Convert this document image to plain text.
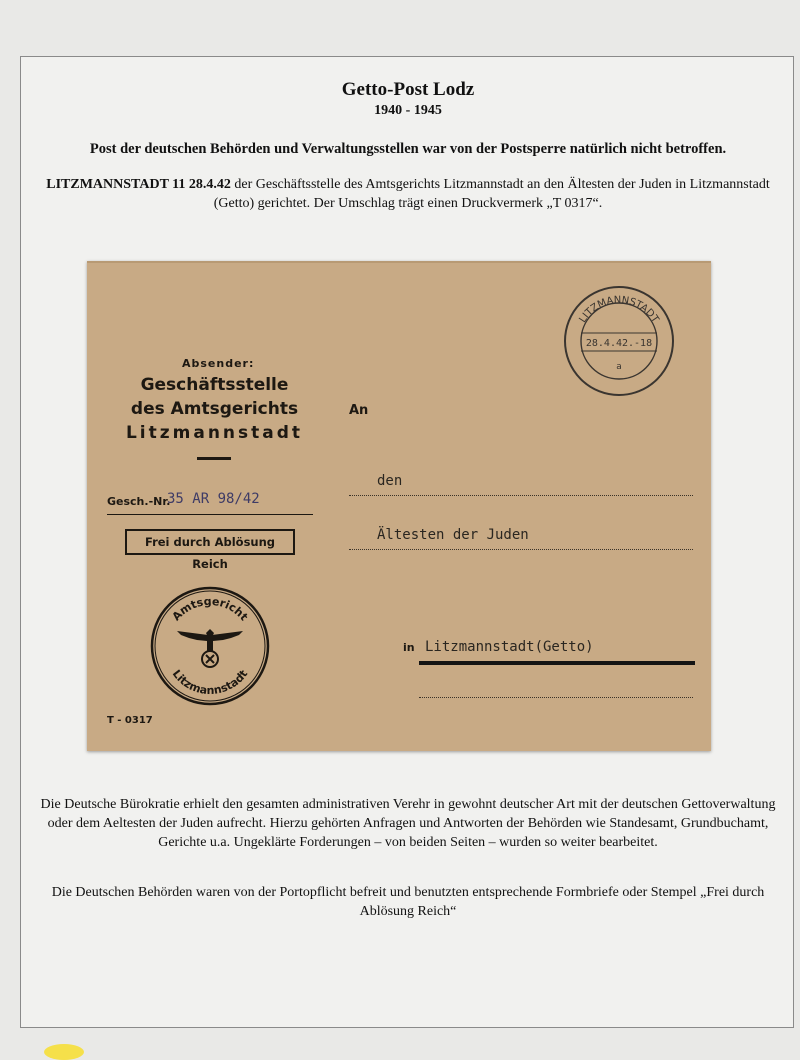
Getto-Post Lodz
1940 - 1945
Post der deutschen Behörden und Verwaltungsstellen war von der Postsperre natürlich nicht betroffen.
LITZMANNSTADT 11 28.4.42 der Geschäftsstelle des Amtsgerichts Litzmannstadt an den Ältesten der Juden in Litzmannstadt (Getto) gerichtet. Der Umschlag trägt einen Druckvermerk „T 0317“.
Absender:
Geschäftsstelle
des Amtsgerichts
Litzmannstadt
Gesch.-Nr.
35 AR 98/42
Frei durch Ablösung Reich
An
den
Ältesten der Juden
in Litzmannstadt(Getto)
T - 0317
Amtsgericht
Litzmannstadt
LITZMANNSTADT
28.4.42.-18
a
Die Deutsche Bürokratie erhielt den gesamten administrativen Verehr in gewohnt deutscher Art mit der deutschen Gettoverwaltung oder dem Aeltesten der Juden aufrecht. Hierzu gehörten Anfragen und Antworten der Behörden wie Standesamt, Grundbuchamt, Gerichte u.a. Ungeklärte Forderungen – von beiden Seiten – wurden so weiter bearbeitet.
Die Deutschen Behörden waren von der Portopflicht befreit und benutzten entsprechende Formbriefe oder Stempel „Frei durch Ablösung Reich“
